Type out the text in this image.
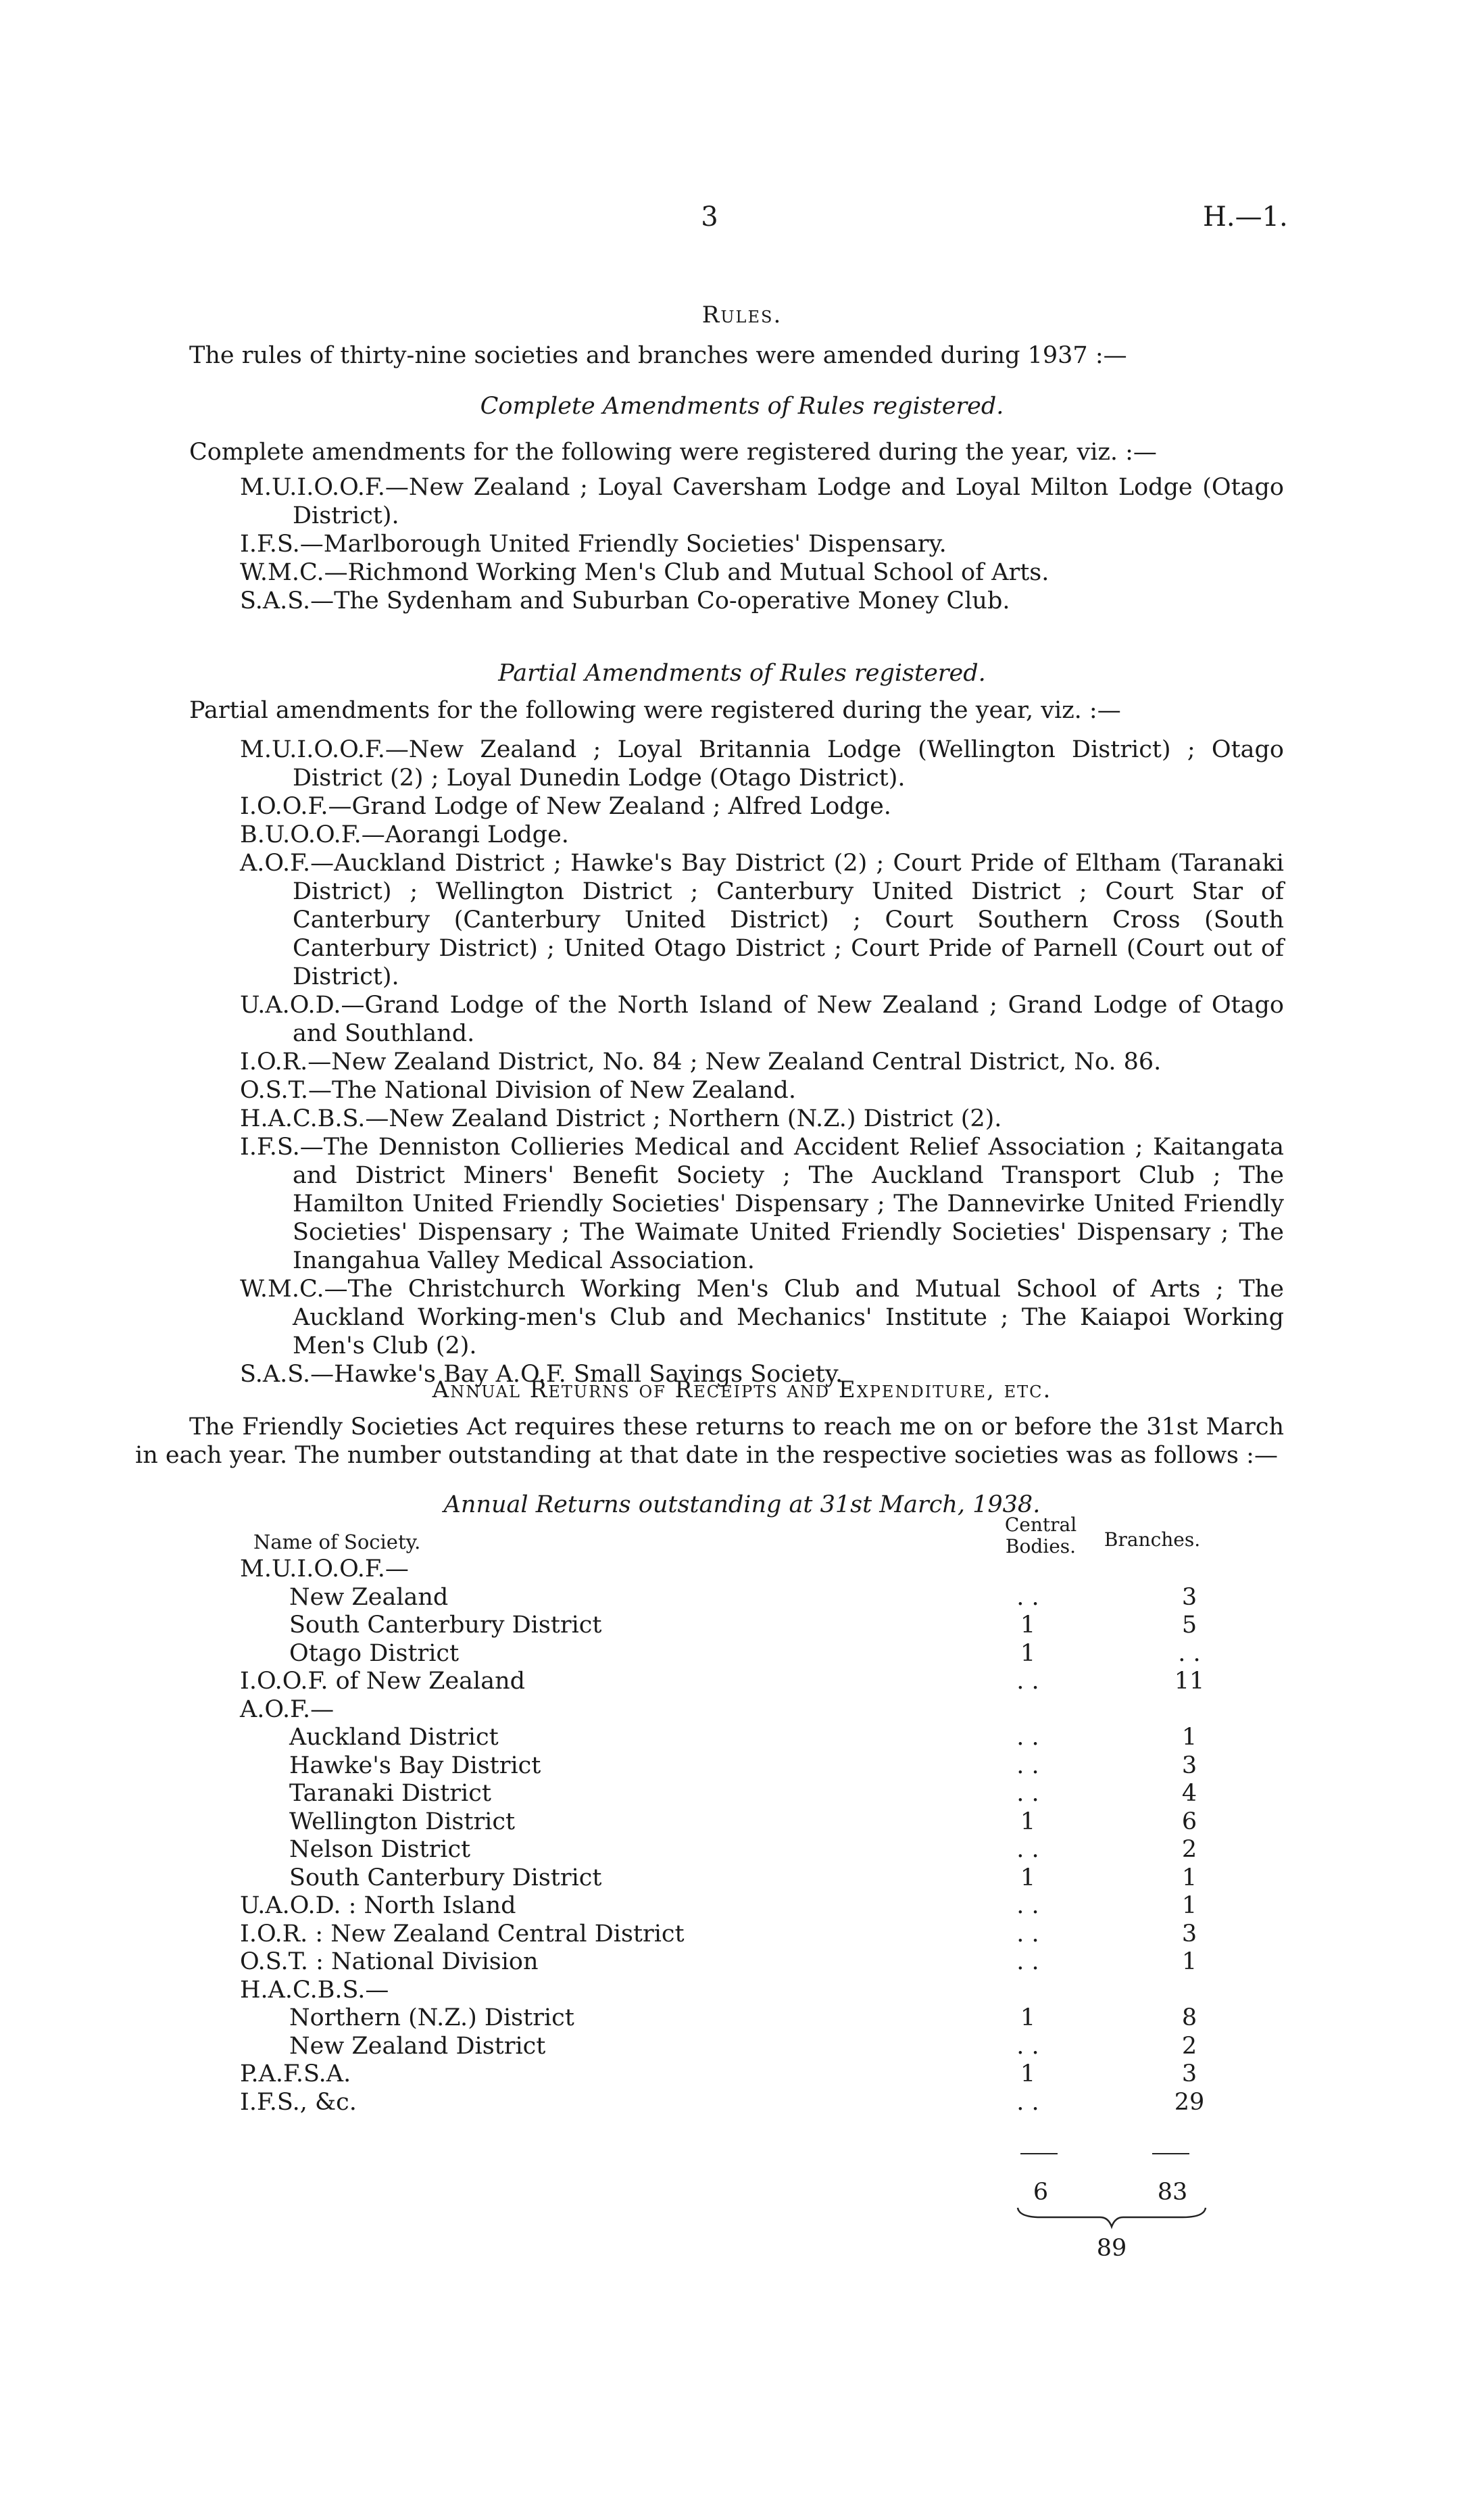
3	H.—1.
Rules.
The rules of thirty-nine societies and branches were amended during 1937 :—
Complete Amendments of Rules registered.
Complete amendments for the following were registered during the year, viz. :—
M.U.I.O.O.F.—New Zealand ; Loyal Caversham Lodge and Loyal Milton Lodge (Otago District).
I.F.S.—Marlborough United Friendly Societies' Dispensary.
W.M.C.—Richmond Working Men's Club and Mutual School of Arts.
S.A.S.—The Sydenham and Suburban Co-operative Money Club.
Partial Amendments of Rules registered.
Partial amendments for the following were registered during the year, viz. :—
M.U.I.O.O.F.—New Zealand ; Loyal Britannia Lodge (Wellington District) ; Otago District (2) ; Loyal Dunedin Lodge (Otago District).
I.O.O.F.—Grand Lodge of New Zealand ; Alfred Lodge.
B.U.O.O.F.—Aorangi Lodge.
A.O.F.—Auckland District ; Hawke's Bay District (2) ; Court Pride of Eltham (Taranaki District) ; Wellington District ; Canterbury United District ; Court Star of Canterbury (Canterbury United District) ; Court Southern Cross (South Canterbury District) ; United Otago District ; Court Pride of Parnell (Court out of District).
U.A.O.D.—Grand Lodge of the North Island of New Zealand ; Grand Lodge of Otago and Southland.
I.O.R.—New Zealand District, No. 84 ; New Zealand Central District, No. 86.
O.S.T.—The National Division of New Zealand.
H.A.C.B.S.—New Zealand District ; Northern (N.Z.) District (2).
I.F.S.—The Denniston Collieries Medical and Accident Relief Association ; Kaitangata and District Miners' Benefit Society ; The Auckland Transport Club ; The Hamilton United Friendly Societies' Dispensary ; The Dannevirke United Friendly Societies' Dispensary ; The Waimate United Friendly Societies' Dispensary ; The Inangahua Valley Medical Association.
W.M.C.—The Christchurch Working Men's Club and Mutual School of Arts ; The Auckland Working-men's Club and Mechanics' Institute ; The Kaiapoi Working Men's Club (2).
S.A.S.—Hawke's Bay A.O.F. Small Savings Society.
Annual Returns of Receipts and Expenditure, etc.
The Friendly Societies Act requires these returns to reach me on or before the 31st March in each year. The number outstanding at that date in the respective societies was as follows :—
Annual Returns outstanding at 31st March, 1938.
Name of Society.
Central Bodies.	Branches.
M.U.I.O.O.F.—
New Zealand	. .	3
South Canterbury District	1	5
Otago District	1	. .
I.O.O.F. of New Zealand	. .	11
A.O.F.—
Auckland District	. .	1
Hawke's Bay District	. .	3
Taranaki District	. .	4
Wellington District	1	6
Nelson District	. .	2
South Canterbury District	1	1
U.A.O.D. : North Island	. .	1
I.O.R. : New Zealand Central District	. .	3
O.S.T. : National Division	. .	1
H.A.C.B.S.—
Northern (N.Z.) District	1	8
New Zealand District	. .	2
P.A.F.S.A.	1	3
I.F.S., &c.	. .	29
6	83
89
